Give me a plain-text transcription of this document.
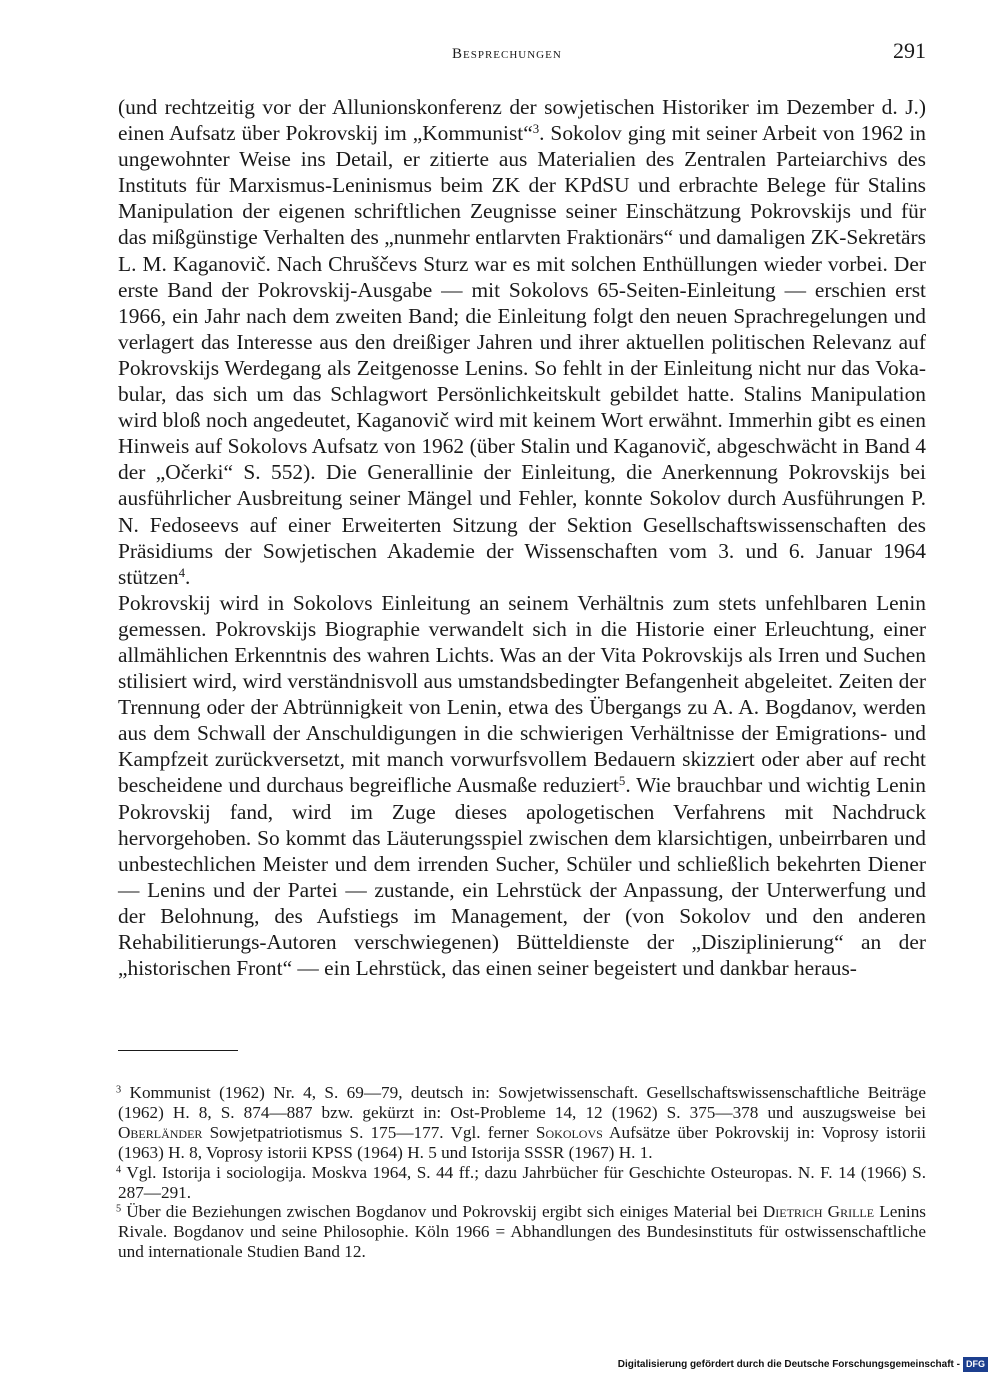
Besprechungen	291

(und rechtzeitig vor der Allunionskonferenz der sowjetischen Historiker im Dezember d. J.) einen Aufsatz über Pokrovskij im „Kommunist“$^3$. Sokolov ging mit seiner Arbeit von 1962 in ungewohnter Weise ins Detail, er zitierte aus Materialien des Zentralen Parteiarchivs des Instituts für Marxismus-Leninismus beim ZK der KPdSU und erbrachte Belege für Stalins Manipulation der eigenen schriftlichen Zeugnisse seiner Einschätzung Pokrovskijs und für das mißgünstige Verhalten des „nunmehr entlarvten Fraktionärs“ und damaligen ZK-Sekretärs L. M. Kaganovič. Nach Chruščevs Sturz war es mit solchen Enthüllungen wieder vorbei. Der erste Band der Pokrovskij-Ausgabe — mit Sokolovs 65-Seiten-Einleitung — erschien erst 1966, ein Jahr nach dem zweiten Band; die Einleitung folgt den neuen Sprachregelungen und verlagert das Interesse aus den dreißiger Jahren und ihrer aktuellen politischen Relevanz auf Pokrovskijs Werdegang als Zeitgenosse Lenins. So fehlt in der Einleitung nicht nur das Vokabular, das sich um das Schlagwort Persönlichkeitskult gebildet hatte. Stalins Manipulation wird bloß noch angedeutet, Kaganovič wird mit keinem Wort erwähnt. Immerhin gibt es einen Hinweis auf Sokolovs Aufsatz von 1962 (über Stalin und Kaganovič, abgeschwächt in Band 4 der „Očerki“ S. 552). Die Generallinie der Einleitung, die Anerkennung Pokrovskijs bei ausführlicher Ausbreitung seiner Mängel und Fehler, konnte Sokolov durch Ausführungen P. N. Fedoseevs auf einer Erweiterten Sitzung der Sektion Gesellschaftswissenschaften des Präsidiums der Sowjetischen Akademie der Wissenschaften vom 3. und 6. Januar 1964 stützen$^4$.

Pokrovskij wird in Sokolovs Einleitung an seinem Verhältnis zum stets unfehlbaren Lenin gemessen. Pokrovskijs Biographie verwandelt sich in die Historie einer Erleuchtung, einer allmählichen Erkenntnis des wahren Lichts. Was an der Vita Pokrovskijs als Irren und Suchen stilisiert wird, wird verständnisvoll aus umstandsbedingter Befangenheit abgeleitet. Zeiten der Trennung oder der Abtrünnigkeit von Lenin, etwa des Übergangs zu A. A. Bogdanov, werden aus dem Schwall der Anschuldigungen in die schwierigen Verhältnisse der Emigrations- und Kampfzeit zurückversetzt, mit manch vorwurfsvollem Bedauern skizziert oder aber auf recht bescheidene und durchaus begreifliche Ausmaße reduziert$^5$. Wie brauchbar und wichtig Lenin Pokrovskij fand, wird im Zuge dieses apologetischen Verfahrens mit Nachdruck hervorgehoben. So kommt das Läuterungsspiel zwischen dem klarsichtigen, unbeirrbaren und unbestechlichen Meister und dem irrenden Sucher, Schüler und schließlich bekehrten Diener — Lenins und der Partei — zustande, ein Lehrstück der Anpassung, der Unterwerfung und der Belohnung, des Aufstiegs im Management, der (von Sokolov und den anderen Rehabilitierungs-Autoren verschwiegenen) Bütteldienste der „Disziplinierung“ an der „historischen Front“ — ein Lehrstück, das einen seiner begeistert und dankbar heraus-

$^3$ Kommunist (1962) Nr. 4, S. 69—79, deutsch in: Sowjetwissenschaft. Gesellschaftswissenschaftliche Beiträge (1962) H. 8, S. 874—887 bzw. gekürzt in: Ost-Probleme 14, 12 (1962) S. 375—378 und auszugsweise bei Oberländer Sowjetpatriotismus S. 175—177. Vgl. ferner Sokolovs Aufsätze über Pokrovskij in: Voprosy istorii (1963) H. 8, Voprosy istorii KPSS (1964) H. 5 und Istorija SSSR (1967) H. 1.

$^4$ Vgl. Istorija i sociologija. Moskva 1964, S. 44 ff.; dazu Jahrbücher für Geschichte Osteuropas. N. F. 14 (1966) S. 287—291.

$^5$ Über die Beziehungen zwischen Bogdanov und Pokrovskij ergibt sich einiges Material bei Dietrich Grille Lenins Rivale. Bogdanov und seine Philosophie. Köln 1966 = Abhandlungen des Bundesinstituts für ostwissenschaftliche und internationale Studien Band 12.

Digitalisierung gefördert durch die Deutsche Forschungsgemeinschaft - DFG
